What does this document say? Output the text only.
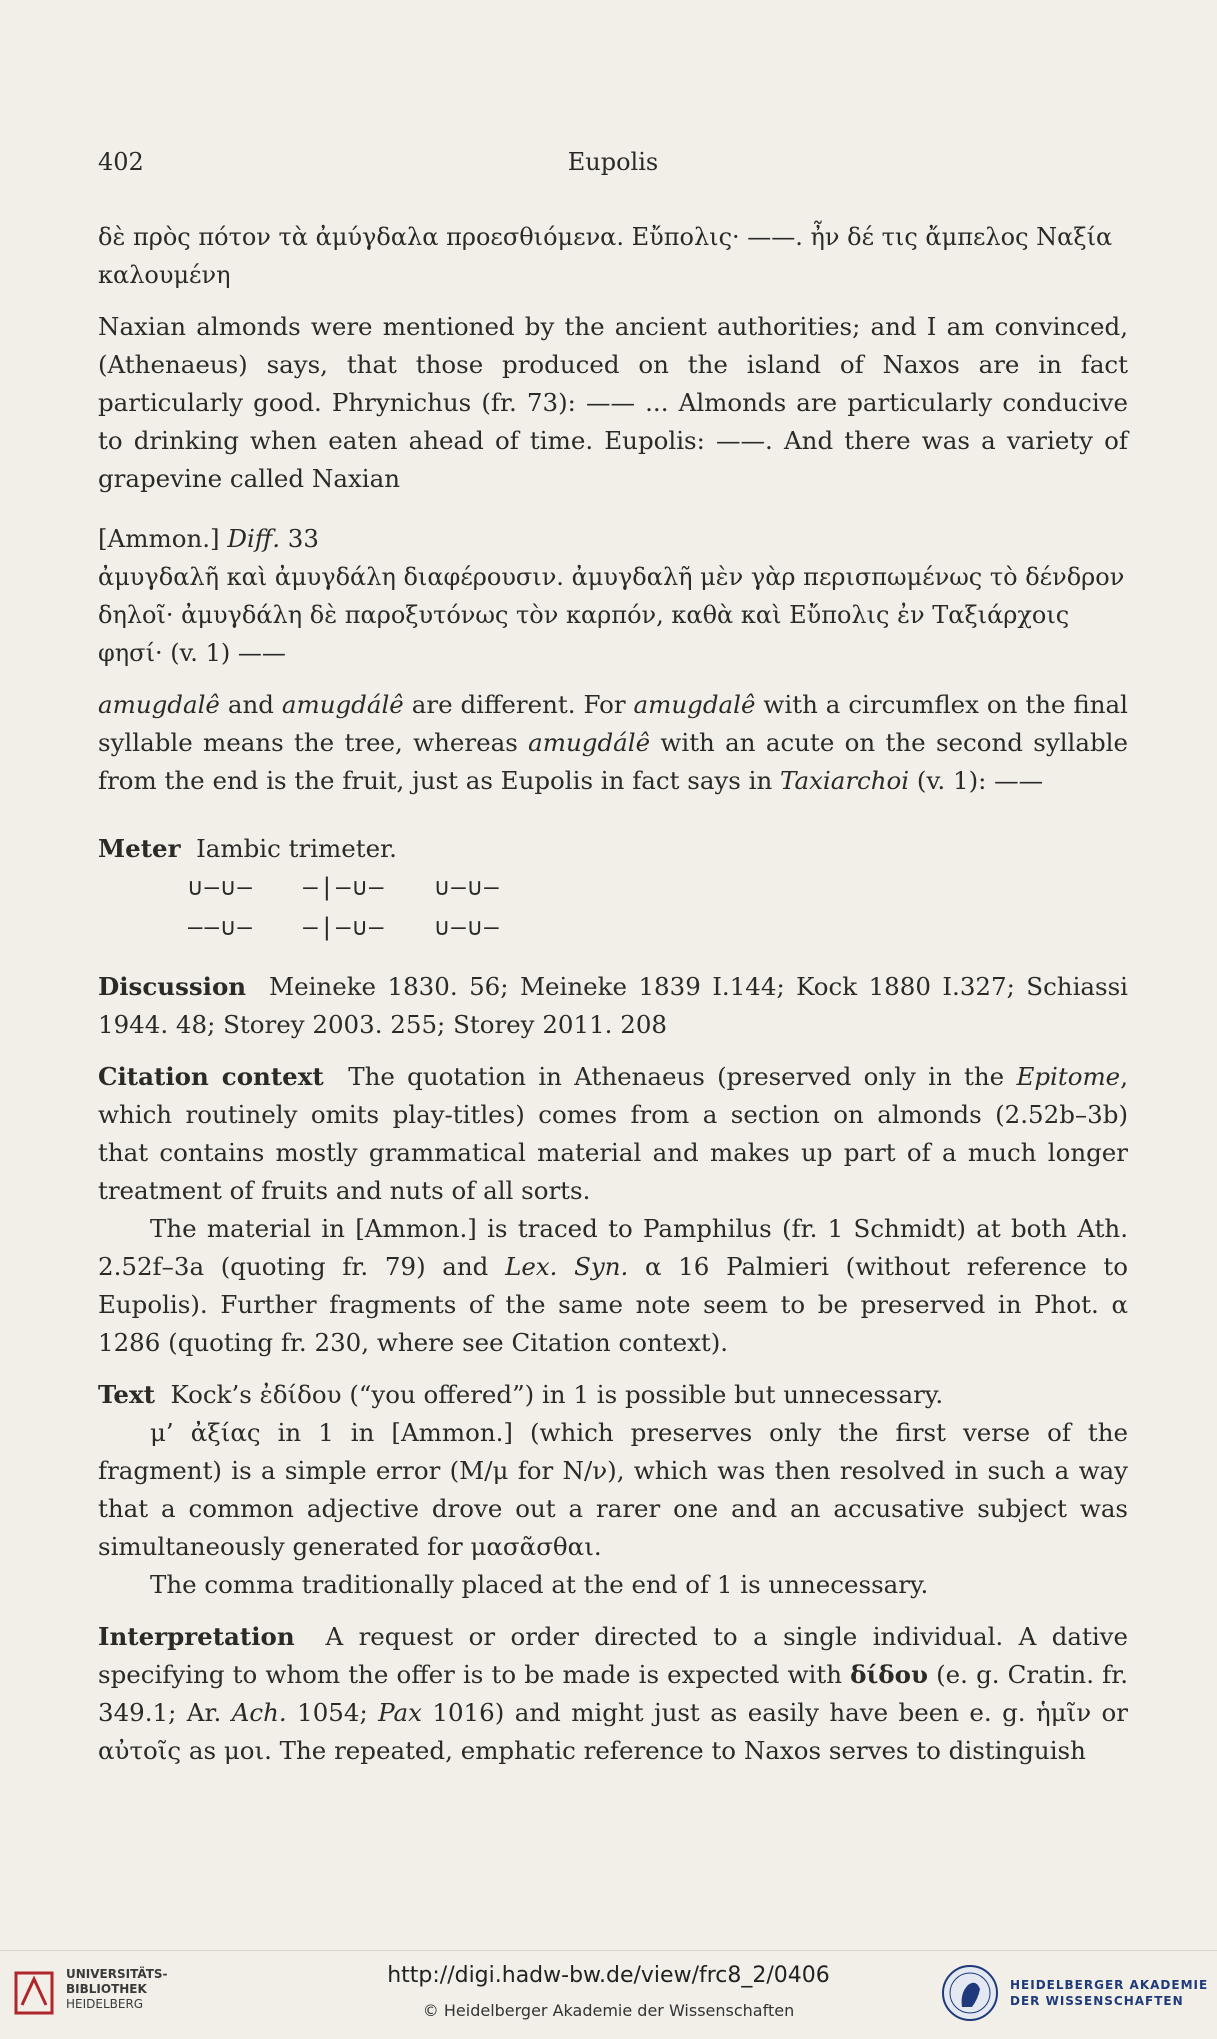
402	Eupolis

δὲ πρὸς πότον τὰ ἀμύγδαλα προεσθιόμενα. Εὔπολις· ——. ἦν δέ τις ἄμπελος Ναξία

καλουμένη

Naxian almonds were mentioned by the ancient authorities; and I am convinced, (Athenaeus) says, that those produced on the island of Naxos are in fact particularly good. Phrynichus (fr. 73): —— ... Almonds are particularly conducive to drinking when eaten ahead of time. Eupolis: ——. And there was a variety of grapevine called Naxian

[Ammon.] Diff. 33

ἀμυγδαλῆ καὶ ἀμυγδάλη διαφέρουσιν. ἀμυγδαλῆ μὲν γὰρ περισπωμένως τὸ δένδρον δηλοῖ· ἀμυγδάλη δὲ παροξυτόνως τὸν καρπόν, καθὰ καὶ Εὔπολις ἐν Ταξιάρχοις φησί· (v. 1) ——

amugdalê and amugdálê are different. For amugdalê with a circumflex on the final syllable means the tree, whereas amugdálê with an acute on the second syllable from the end is the fruit, just as Eupolis in fact says in Taxiarchoi (v. 1): ——

Meter Iambic trimeter.

∪–∪–   –|–∪–   ∪–∪–
––∪–   –|–∪–   ∪–∪–

Discussion Meineke 1830. 56; Meineke 1839 I.144; Kock 1880 I.327; Schiassi 1944. 48; Storey 2003. 255; Storey 2011. 208

Citation context The quotation in Athenaeus (preserved only in the Epitome, which routinely omits play-titles) comes from a section on almonds (2.52b–3b) that contains mostly grammatical material and makes up part of a much longer treatment of fruits and nuts of all sorts.

The material in [Ammon.] is traced to Pamphilus (fr. 1 Schmidt) at both Ath. 2.52f–3a (quoting fr. 79) and Lex. Syn. α 16 Palmieri (without reference to Eupolis). Further fragments of the same note seem to be preserved in Phot. α 1286 (quoting fr. 230, where see Citation context).

Text Kock’s ἐδίδου (“you offered”) in 1 is possible but unnecessary.

μ’ ἀξίας in 1 in [Ammon.] (which preserves only the first verse of the fragment) is a simple error (Μ/μ for Ν/ν), which was then resolved in such a way that a common adjective drove out a rarer one and an accusative subject was simultaneously generated for μασᾶσθαι.

The comma traditionally placed at the end of 1 is unnecessary.

Interpretation A request or order directed to a single individual. A dative specifying to whom the offer is to be made is expected with δίδου (e. g. Cratin. fr. 349.1; Ar. Ach. 1054; Pax 1016) and might just as easily have been e. g. ἡμῖν or αὐτοῖς as μοι. The repeated, emphatic reference to Naxos serves to distinguish

UNIVERSITÄTS-
BIBLIOTHEK
HEIDELBERG
http://digi.hadw-bw.de/view/frc8_2/0406
© Heidelberger Akademie der Wissenschaften
HEIDELBERGER AKADEMIE
DER WISSENSCHAFTEN
